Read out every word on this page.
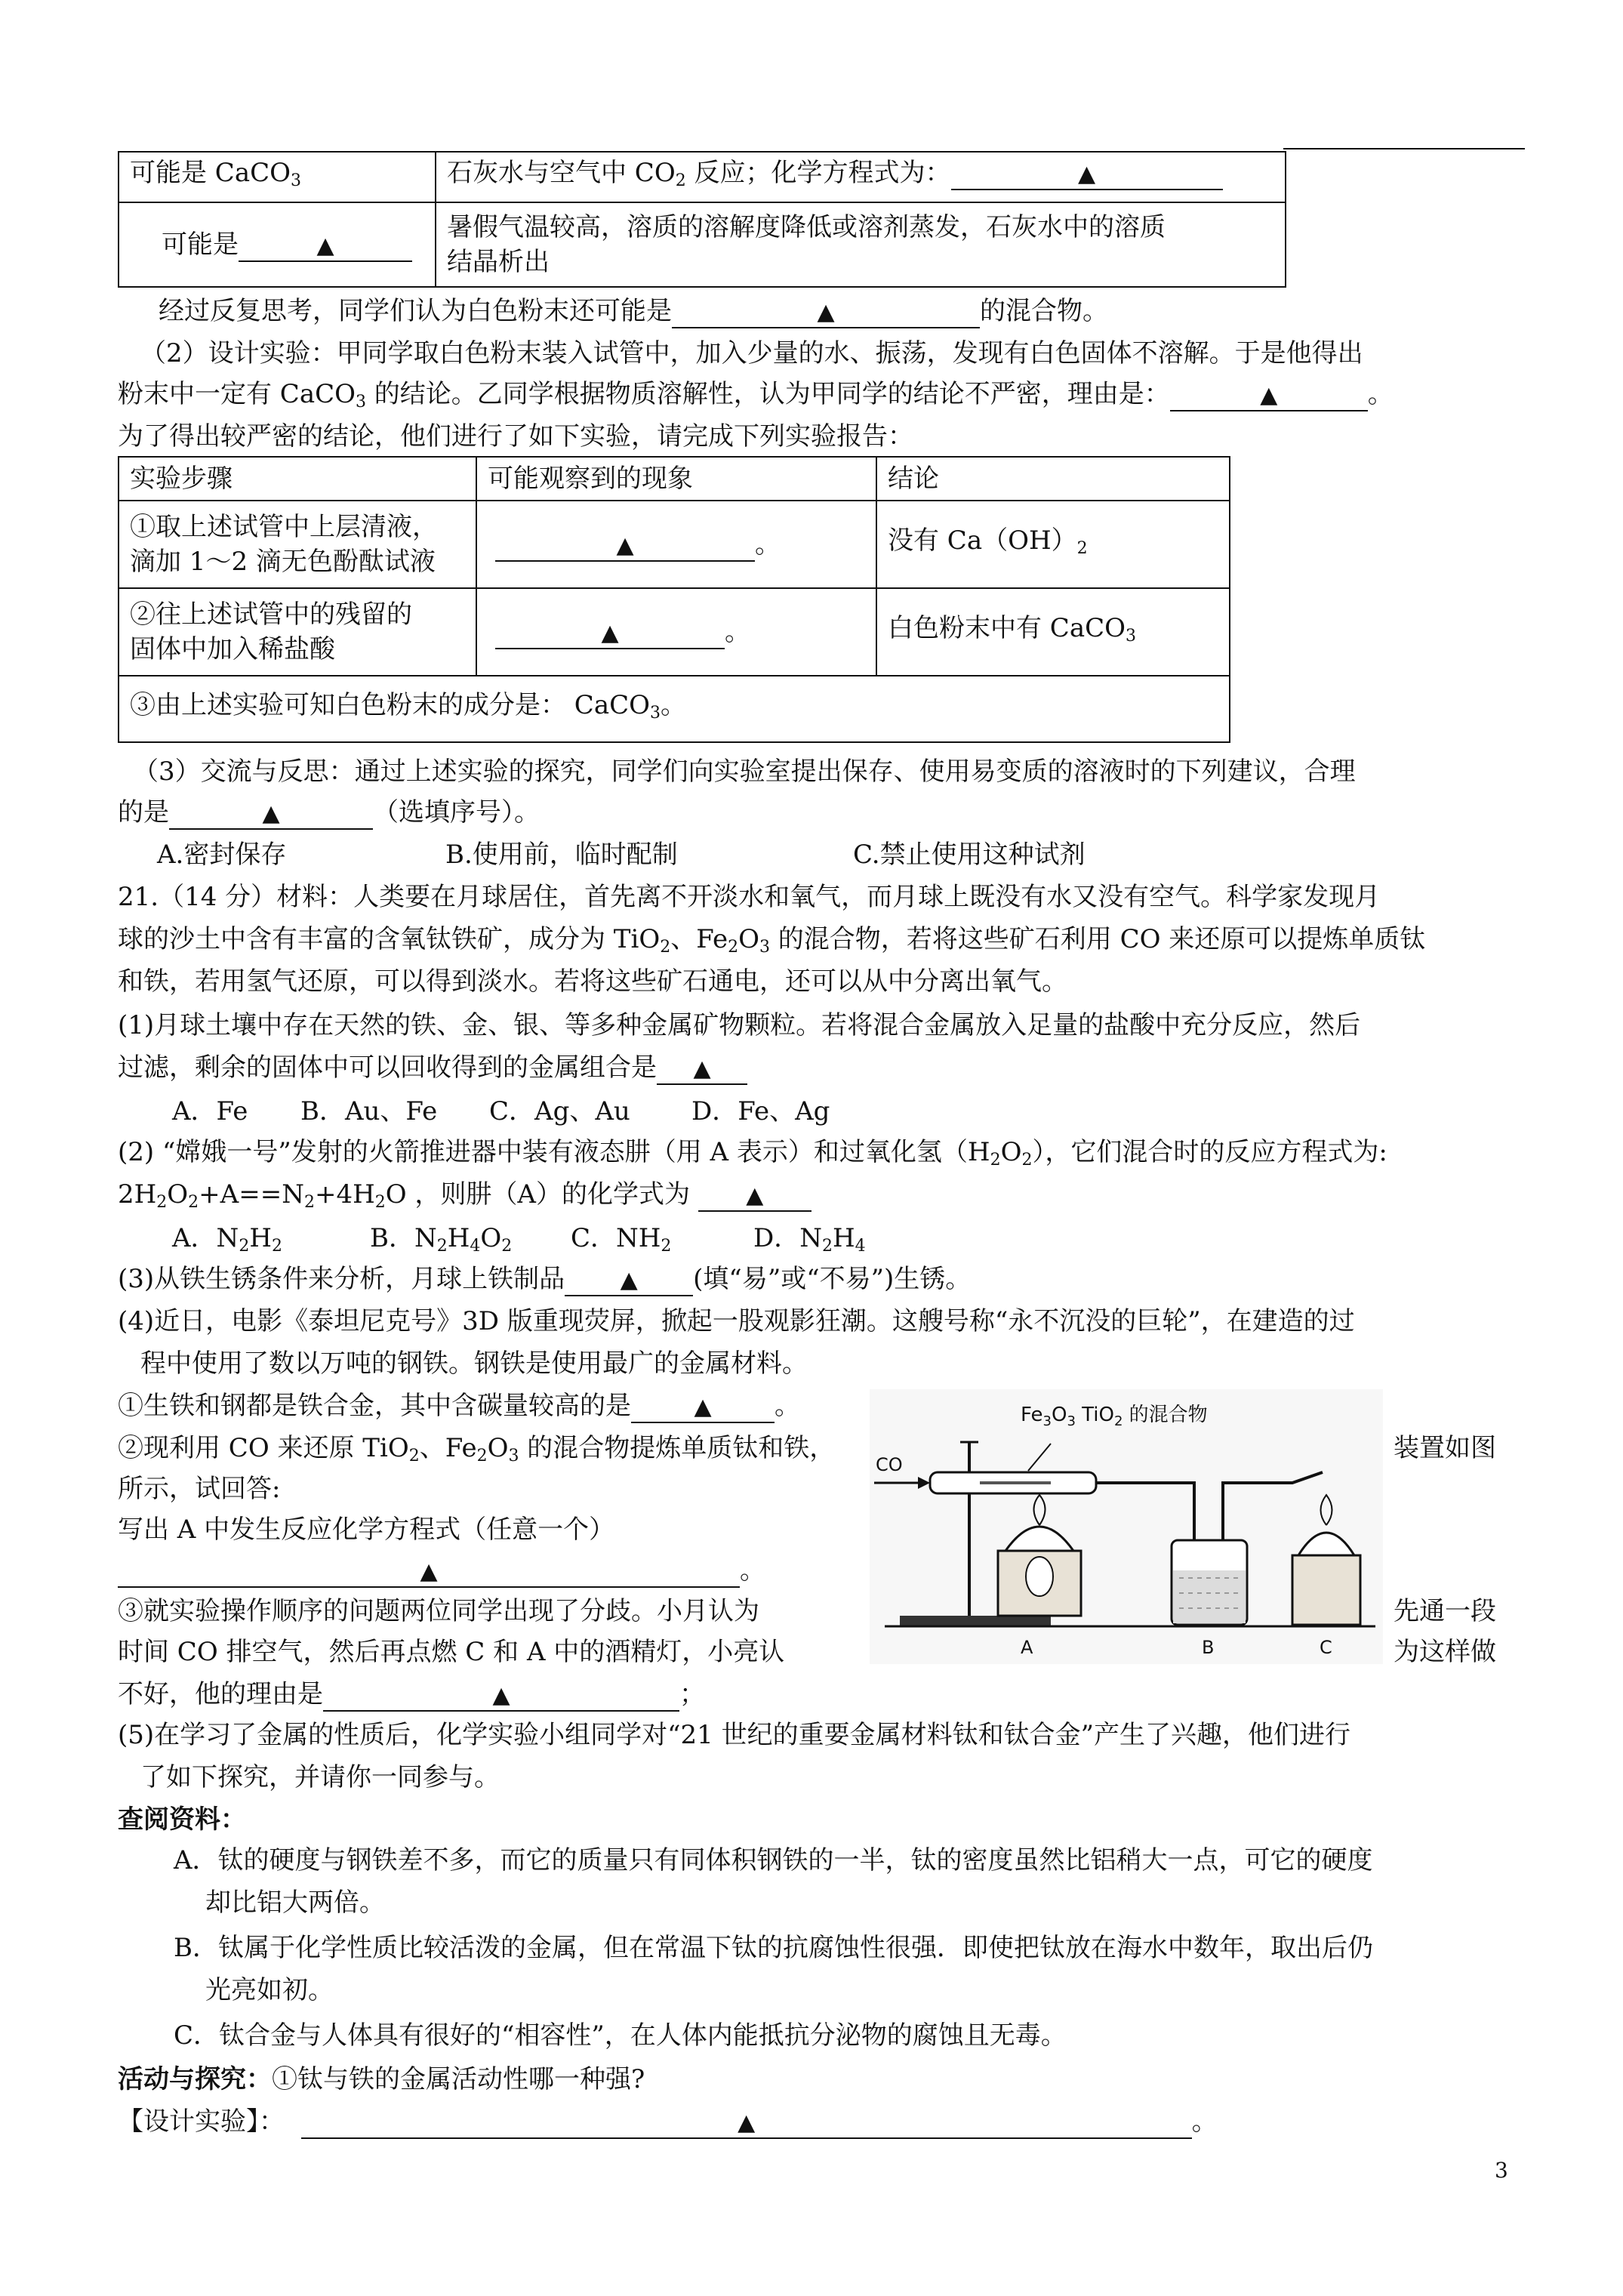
可能是 CaCO$_3$	石灰水与空气中 $CO_2$ 反应；化学方程式为： ▲
可能是 ▲	暑假气温较高，溶质的溶解度降低或溶剂蒸发，石灰水中的溶质
结晶析出
经过反复思考，同学们认为白色粉末还可能是	▲	的混合物。
（2）设计实验：甲同学取白色粉末装入试管中，加入少量的水、振荡，发现有白色固体不溶解。于是他得出
粉末中一定有 CaCO$_3$ 的结论。乙同学根据物质溶解性，认为甲同学的结论不严密，理由是：	▲	。
为了得出较严密的结论，他们进行了如下实验，请完成下列实验报告：
实验步骤	可能观察到的现象	结论

①取上述试管中上层清液，
滴加 1～2 滴无色酚酞试液	▲ 。	没有 $Ca(OH)_2$

②往上述试管中的残留的
固体中加入稀盐酸	▲ 。	白色粉末中有 CaCO$_3$
③由上述实验可知白色粉末的成分是： CaCO$_3$。		
（3）交流与反思：通过上述实验的探究，同学们向实验室提出保存、使用易变质的溶液时的下列建议，合理
的是	▲	（选填序号）。
A.密封保存	B.使用前，临时配制	C.禁止使用这种试剂
21.（14 分）材料：人类要在月球居住，首先离不开淡水和氧气，而月球上既没有水又没有空气。科学家发现月
球的沙土中含有丰富的含氧钛铁矿，成分为 TiO$_2$、$Fe_2O_3$ 的混合物，若将这些矿石利用 CO 来还原可以提炼单质钛
和铁，若用氢气还原，可以得到淡水。若将这些矿石通电，还可以从中分离出氧气。
(1)月球土壤中存在天然的铁、金、银、等多种金属矿物颗粒。若将混合金属放入足量的盐酸中充分反应，然后
过滤，剩余的固体中可以回收得到的金属组合是 ▲
A．Fe B．Au、Fe C．Ag、Au D．Fe、Ag
(2) “嫦娥一号”发射的火箭推进器中装有液态肼（用 A 表示）和过氧化氢$(H_2O_2)$，它们混合时的反应方程式为:
$2H_2O_2+A==N_2+4H_2O$ ，则肼（A）的化学式为 ▲
A．$N_2H_2$	B．$N_2H_4O_2$ C．$NH_2$	D．$N_2H_4$
(3)从铁生锈条件来分析，月球上铁制品 ▲ (填“易”或“不易”)生锈。
(4)近日，电影《泰坦尼克号》3D 版重现荧屏，掀起一股观影狂潮。这艘号称“永不沉没的巨轮”，在建造的过
程中使用了数以万吨的钢铁。钢铁是使用最广的金属材料。
①生铁和钢都是铁合金，其中含碳量较高的是	▲ 。
②现利用 CO 来还原 TiO$_2$、$Fe_2O_3$ 的混合物提炼单质钛和铁，	装置如图
所示，试回答:
写出 A 中发生反应化学方程式（任意一个）
▲	。
③就实验操作顺序的问题两位同学出现了分歧。小月认为	先通一段
时间 CO 排空气，然后再点燃 C 和 A 中的酒精灯，小亮认	为这样做
不好，他的理由是	▲	；
$Fe_3O_3$ TiO$_2$ 的混合物
CO
A	B	C
(5)在学习了金属的性质后，化学实验小组同学对“21 世纪的重要金属材料钛和钛合金”产生了兴趣，他们进行
了如下探究，并请你一同参与。
查阅资料：
A．钛的硬度与钢铁差不多，而它的质量只有同体积钢铁的一半，钛的密度虽然比铝稍大一点，可它的硬度
却比铝大两倍。
B．钛属于化学性质比较活泼的金属，但在常温下钛的抗腐蚀性很强．即使把钛放在海水中数年，取出后仍
光亮如初。
C．钛合金与人体具有很好的“相容性”，在人体内能抵抗分泌物的腐蚀且无毒。
活动与探究：①钛与铁的金属活动性哪一种强?
【设计实验】：	▲	。
3
